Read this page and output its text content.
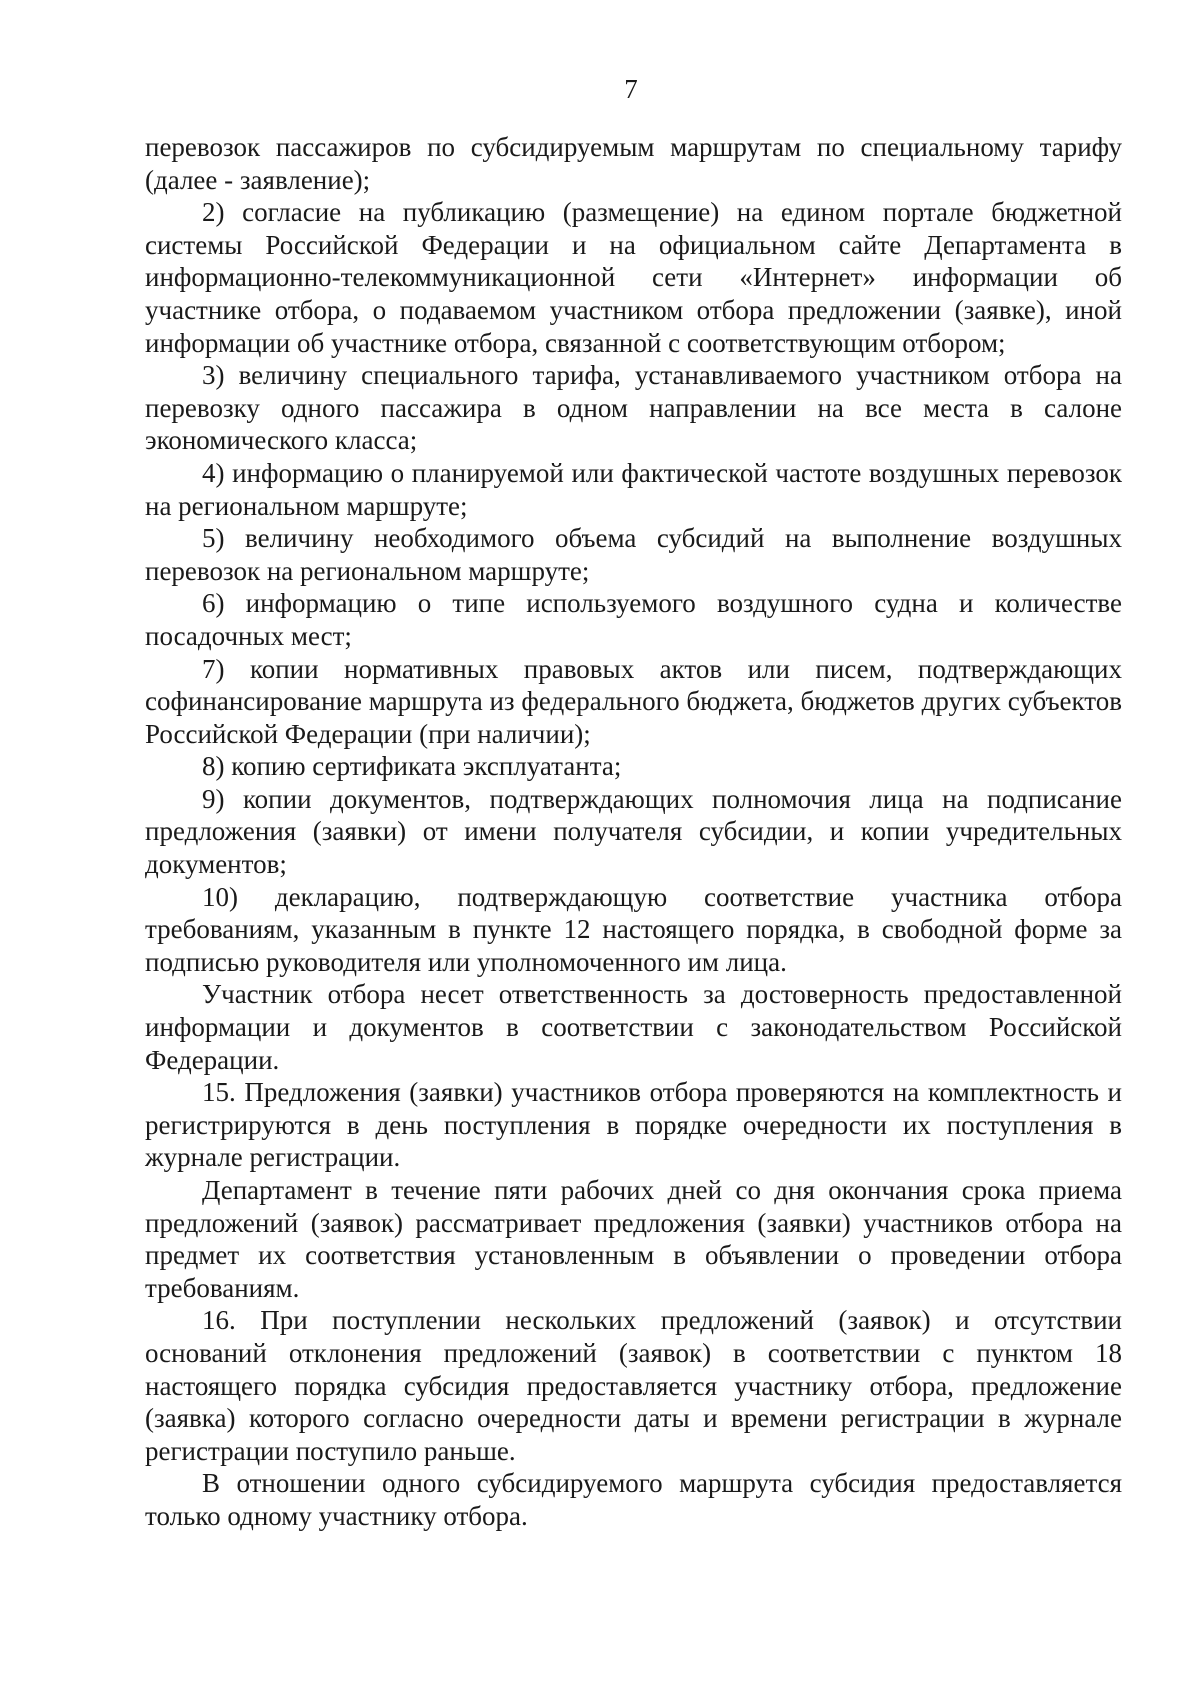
7

перевозок пассажиров по субсидируемым маршрутам по специальному тарифу (далее - заявление);

2) согласие на публикацию (размещение) на едином портале бюджетной системы Российской Федерации и на официальном сайте Департамента в информационно-телекоммуникационной сети «Интернет» информации об участнике отбора, о подаваемом участником отбора предложении (заявке), иной информации об участнике отбора, связанной с соответствующим отбором;

3) величину специального тарифа, устанавливаемого участником отбора на перевозку одного пассажира в одном направлении на все места в салоне экономического класса;

4) информацию о планируемой или фактической частоте воздушных перевозок на региональном маршруте;

5) величину необходимого объема субсидий на выполнение воздушных перевозок на региональном маршруте;

6) информацию о типе используемого воздушного судна и количестве посадочных мест;

7) копии нормативных правовых актов или писем, подтверждающих софинансирование маршрута из федерального бюджета, бюджетов других субъектов Российской Федерации (при наличии);

8) копию сертификата эксплуатанта;

9) копии документов, подтверждающих полномочия лица на подписание предложения (заявки) от имени получателя субсидии, и копии учредительных документов;

10) декларацию, подтверждающую соответствие участника отбора требованиям, указанным в пункте 12 настоящего порядка, в свободной форме за подписью руководителя или уполномоченного им лица.

Участник отбора несет ответственность за достоверность предоставленной информации и документов в соответствии с законодательством Российской Федерации.

15. Предложения (заявки) участников отбора проверяются на комплектность и регистрируются в день поступления в порядке очередности их поступления в журнале регистрации.

Департамент в течение пяти рабочих дней со дня окончания срока приема предложений (заявок) рассматривает предложения (заявки) участников отбора на предмет их соответствия установленным в объявлении о проведении отбора требованиям.

16. При поступлении нескольких предложений (заявок) и отсутствии оснований отклонения предложений (заявок) в соответствии с пунктом 18 настоящего порядка субсидия предоставляется участнику отбора, предложение (заявка) которого согласно очередности даты и времени регистрации в журнале регистрации поступило раньше.

В отношении одного субсидируемого маршрута субсидия предоставляется только одному участнику отбора.
